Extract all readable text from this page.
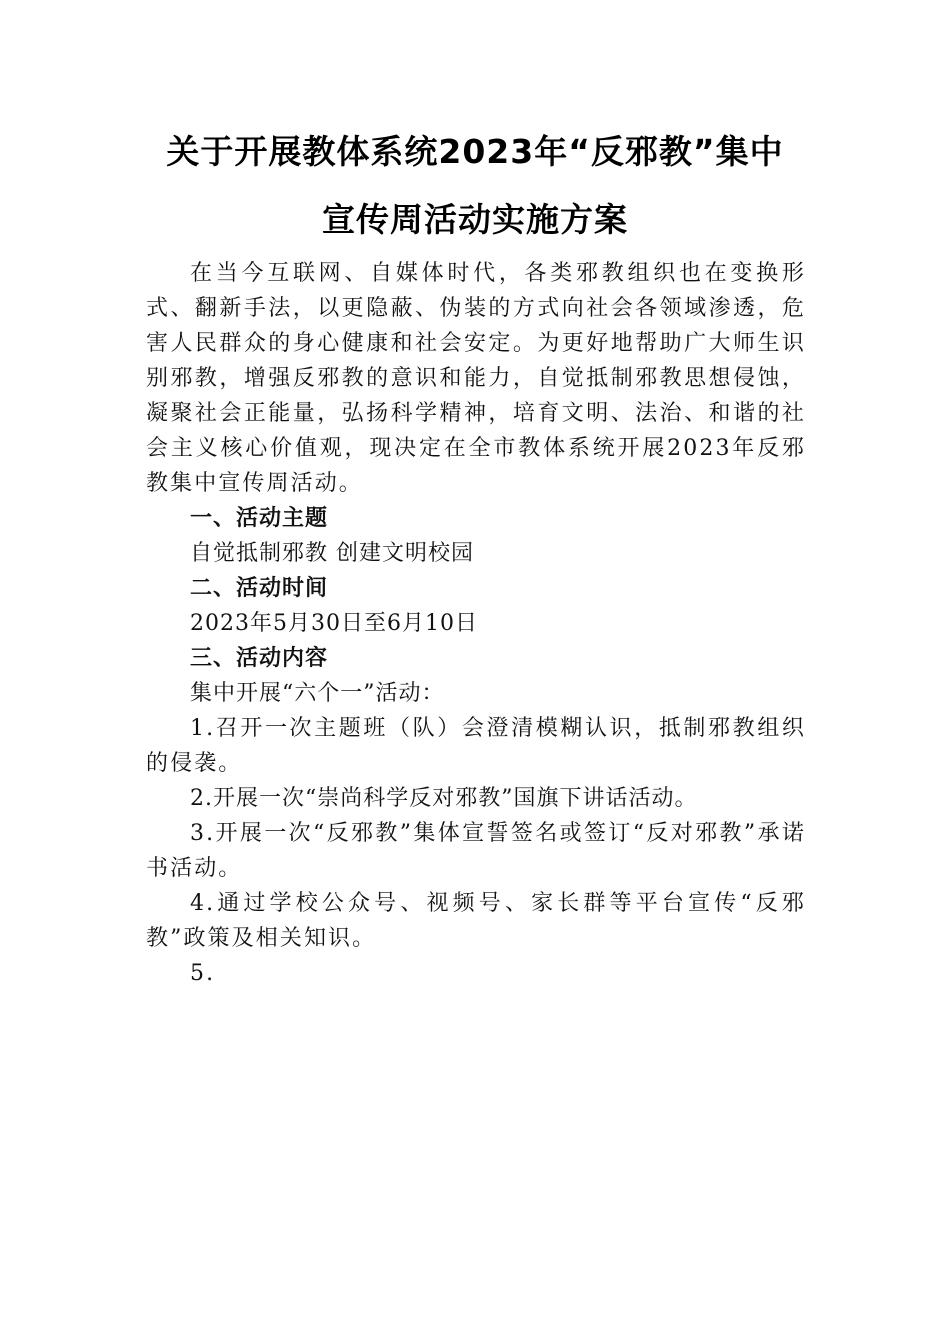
关于开展教体系统2023年“反邪教”集中
宣传周活动实施方案

在当今互联网、自媒体时代，各类邪教组织也在变换形式、翻新手法，以更隐蔽、伪装的方式向社会各领域渗透，危害人民群众的身心健康和社会安定。为更好地帮助广大师生识别邪教，增强反邪教的意识和能力，自觉抵制邪教思想侵蚀，凝聚社会正能量，弘扬科学精神，培育文明、法治、和谐的社会主义核心价值观，现决定在全市教体系统开展2023年反邪教集中宣传周活动。

一、活动主题

自觉抵制邪教 创建文明校园

二、活动时间

2023年5月30日至6月10日

三、活动内容

集中开展“六个一”活动：

1.召开一次主题班（队）会澄清模糊认识，抵制邪教组织的侵袭。

2.开展一次“崇尚科学反对邪教”国旗下讲话活动。

3.开展一次“反邪教”集体宣誓签名或签订“反对邪教”承诺书活动。

4.通过学校公众号、视频号、家长群等平台宣传“反邪教”政策及相关知识。

5.
